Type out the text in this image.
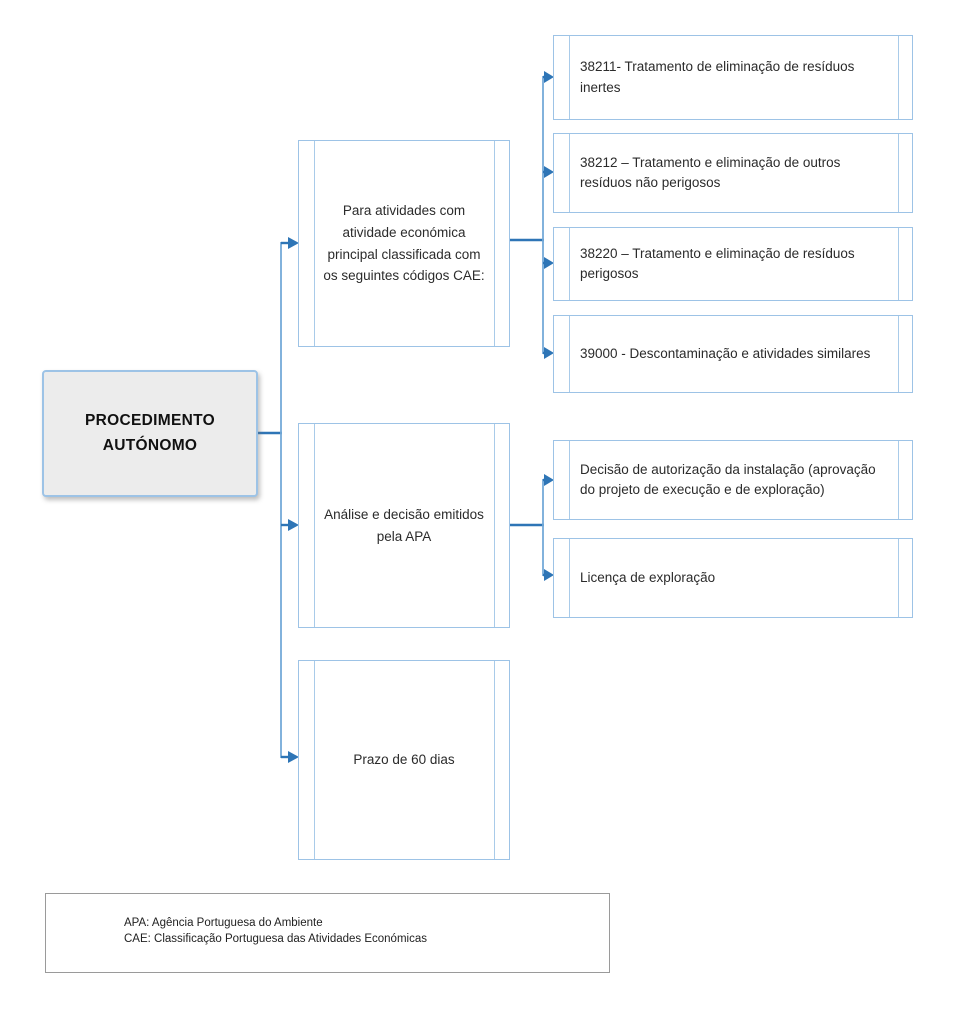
PROCEDIMENTO AUTÓNOMO
Para atividades com atividade económica principal classificada com os seguintes códigos CAE:
Análise e decisão emitidos pela APA
Prazo de 60 dias
38211- Tratamento de eliminação de resíduos inertes
38212 – Tratamento e eliminação de outros resíduos não perigosos
38220 – Tratamento e eliminação de resíduos perigosos
39000 - Descontaminação e atividades similares
Decisão de autorização da instalação (aprovação do projeto de execução e de exploração)
Licença de exploração
APA: Agência Portuguesa do Ambiente
CAE: Classificação Portuguesa das Atividades Económicas
